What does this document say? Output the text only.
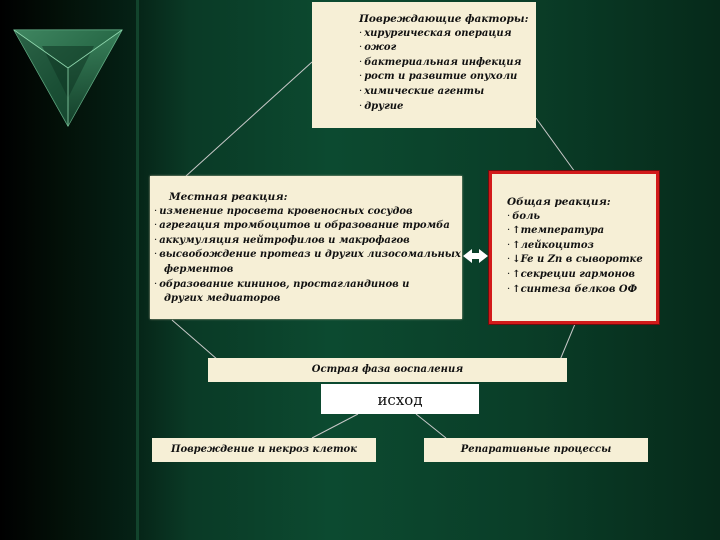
Повреждающие факторы:
· хирургическая операция
· ожог
· бактериальная инфекция
· рост и развитие опухоли
· химические агенты
· другие
Местная реакция:
· изменение просвета кровеносных сосудов
· агрегация тромбоцитов и образование тромба
· аккумуляция нейтрофилов и макрофагов
· высвобождение протеаз и других лизосомальных
ферментов
· образование кининов, простагландинов и
других медиаторов
Общая реакция:
· боль
· ↑температура
· ↑лейкоцитоз
· ↓Fe и Zn в сыворотке
· ↑секреции гармонов
· ↑синтеза белков ОФ
Острая фаза воспаления
исход
Повреждение и некроз клеток	Репаративные процессы
